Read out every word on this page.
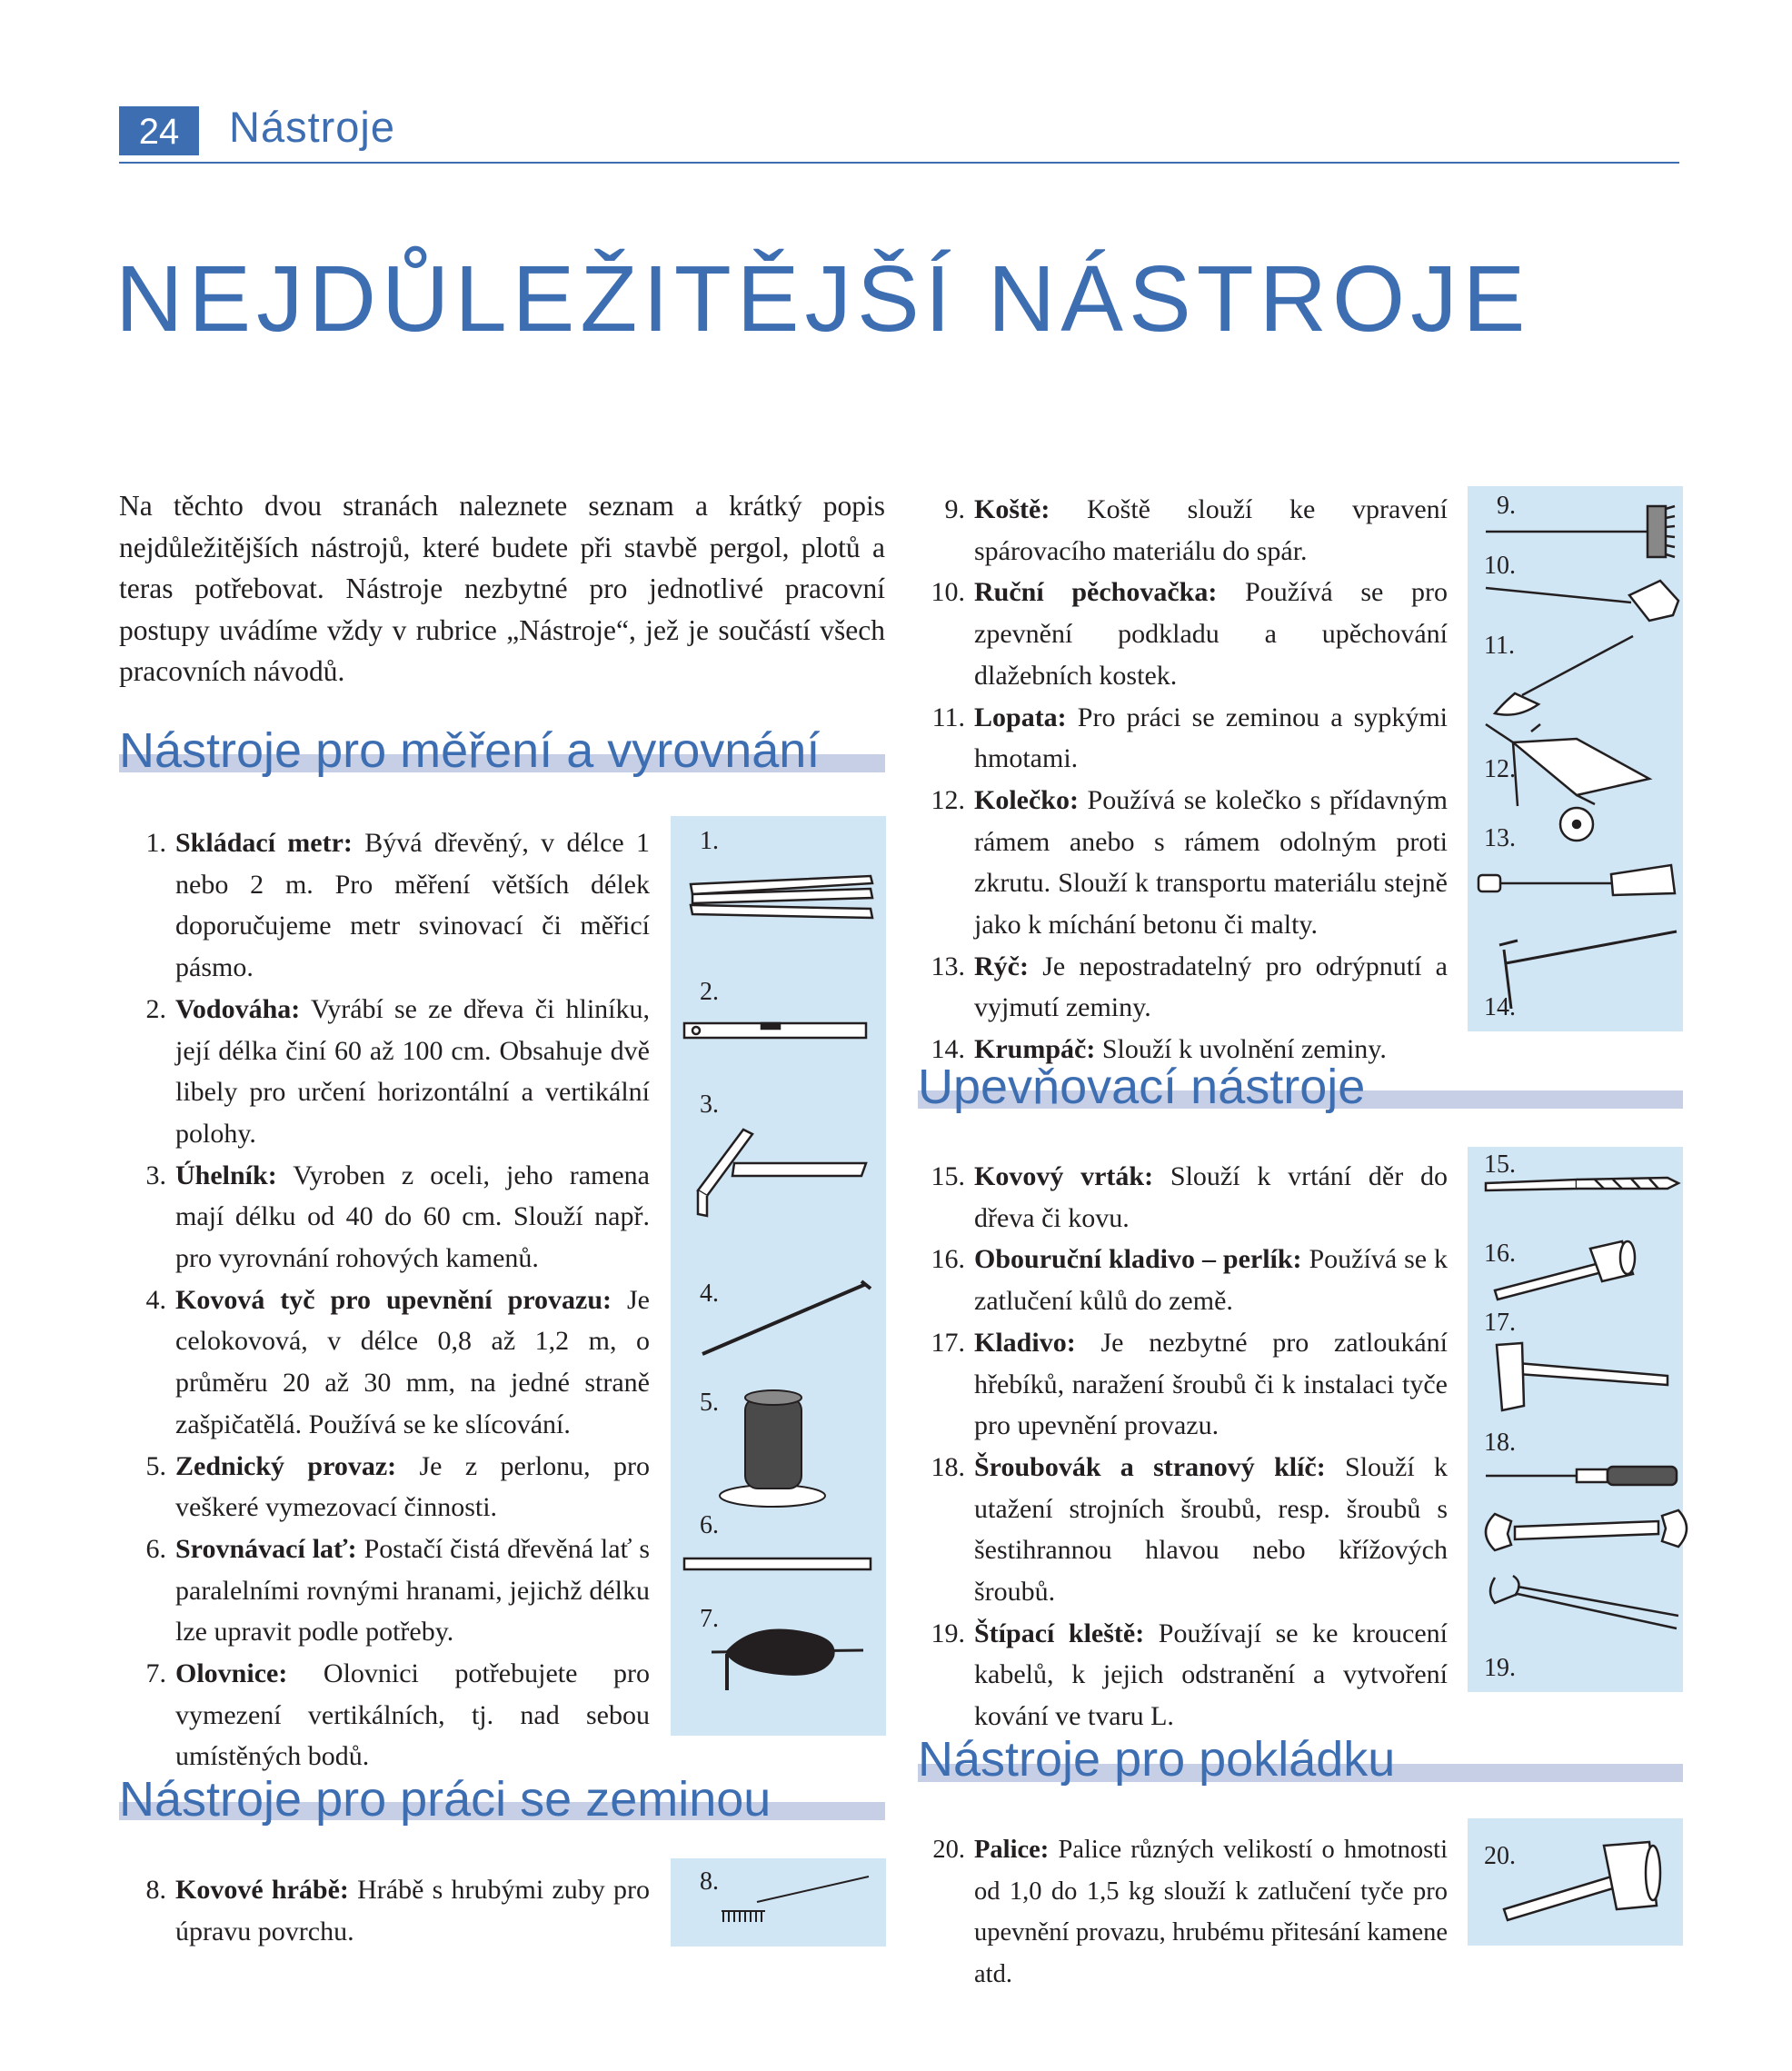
24	Nástroje
NEJDŮLEŽITĚJŠÍ NÁSTROJE
Na těchto dvou stranách naleznete seznam a krátký popis nejdůležitějších nástrojů, které budete při stavbě pergol, plotů a teras potřebovat. Nástroje nezbytné pro jednotlivé pracovní postupy uvádíme vždy v rubrice „Nástroje“, jež je součástí všech pracovních návodů.
Nástroje pro měření a vyrovnání
1. Skládací metr: Bývá dřevěný, v délce 1 nebo 2 m. Pro měření větších délek doporučujeme metr svinovací či měřicí pásmo.
2. Vodováha: Vyrábí se ze dřeva či hliníku, její délka činí 60 až 100 cm. Obsahuje dvě libely pro určení horizontální a vertikální polohy.
3. Úhelník: Vyroben z oceli, jeho ramena mají délku od 40 do 60 cm. Slouží např. pro vyrovnání rohových kamenů.
4. Kovová tyč pro upevnění provazu: Je celokovová, v délce 0,8 až 1,2 m, o průměru 20 až 30 mm, na jedné straně zašpičatělá. Používá se ke slícování.
5. Zednický provaz: Je z perlonu, pro veškeré vymezovací činnosti.
6. Srovnávací lať: Postačí čistá dřevěná lať s paralelními rovnými hranami, jejichž délku lze upravit podle potřeby.
7. Olovnice: Olovnici potřebujete pro vymezení vertikálních, tj. nad sebou umístěných bodů.
1.
2.
3.
4.
5.
6.
7.
Nástroje pro práci se zeminou
8. Kovové hrábě: Hrábě s hrubými zuby pro úpravu povrchu.
8.
9. Koště: Koště slouží ke vpravení spárovacího materiálu do spár.
10. Ruční pěchovačka: Používá se pro zpevnění podkladu a upěchování dlažebních kostek.
11. Lopata: Pro práci se zeminou a sypkými hmotami.
12. Kolečko: Používá se kolečko s přídavným rámem anebo s rámem odolným proti zkrutu. Slouží k transportu materiálu stejně jako k míchání betonu či malty.
13. Rýč: Je nepostradatelný pro odrýpnutí a vyjmutí zeminy.
14. Krumpáč: Slouží k uvolnění zeminy.
9.
10.
11.
12.
13.
14.
Upevňovací nástroje
15. Kovový vrták: Slouží k vrtání děr do dřeva či kovu.
16. Obouruční kladivo – perlík: Používá se k zatlučení kůlů do země.
17. Kladivo: Je nezbytné pro zatloukání hřebíků, naražení šroubů či k instalaci tyče pro upevnění provazu.
18. Šroubovák a stranový klíč: Slouží k utažení strojních šroubů, resp. šroubů s šestihrannou hlavou nebo křížových šroubů.
19. Štípací kleště: Používají se ke kroucení kabelů, k jejich odstranění a vytvoření kování ve tvaru L.
15.
16.
17.
18.
19.
Nástroje pro pokládku
20. Palice: Palice různých velikostí o hmotnosti od 1,0 do 1,5 kg slouží k zatlučení tyče pro upevnění provazu, hrubému přitesání kamene atd.
20.
